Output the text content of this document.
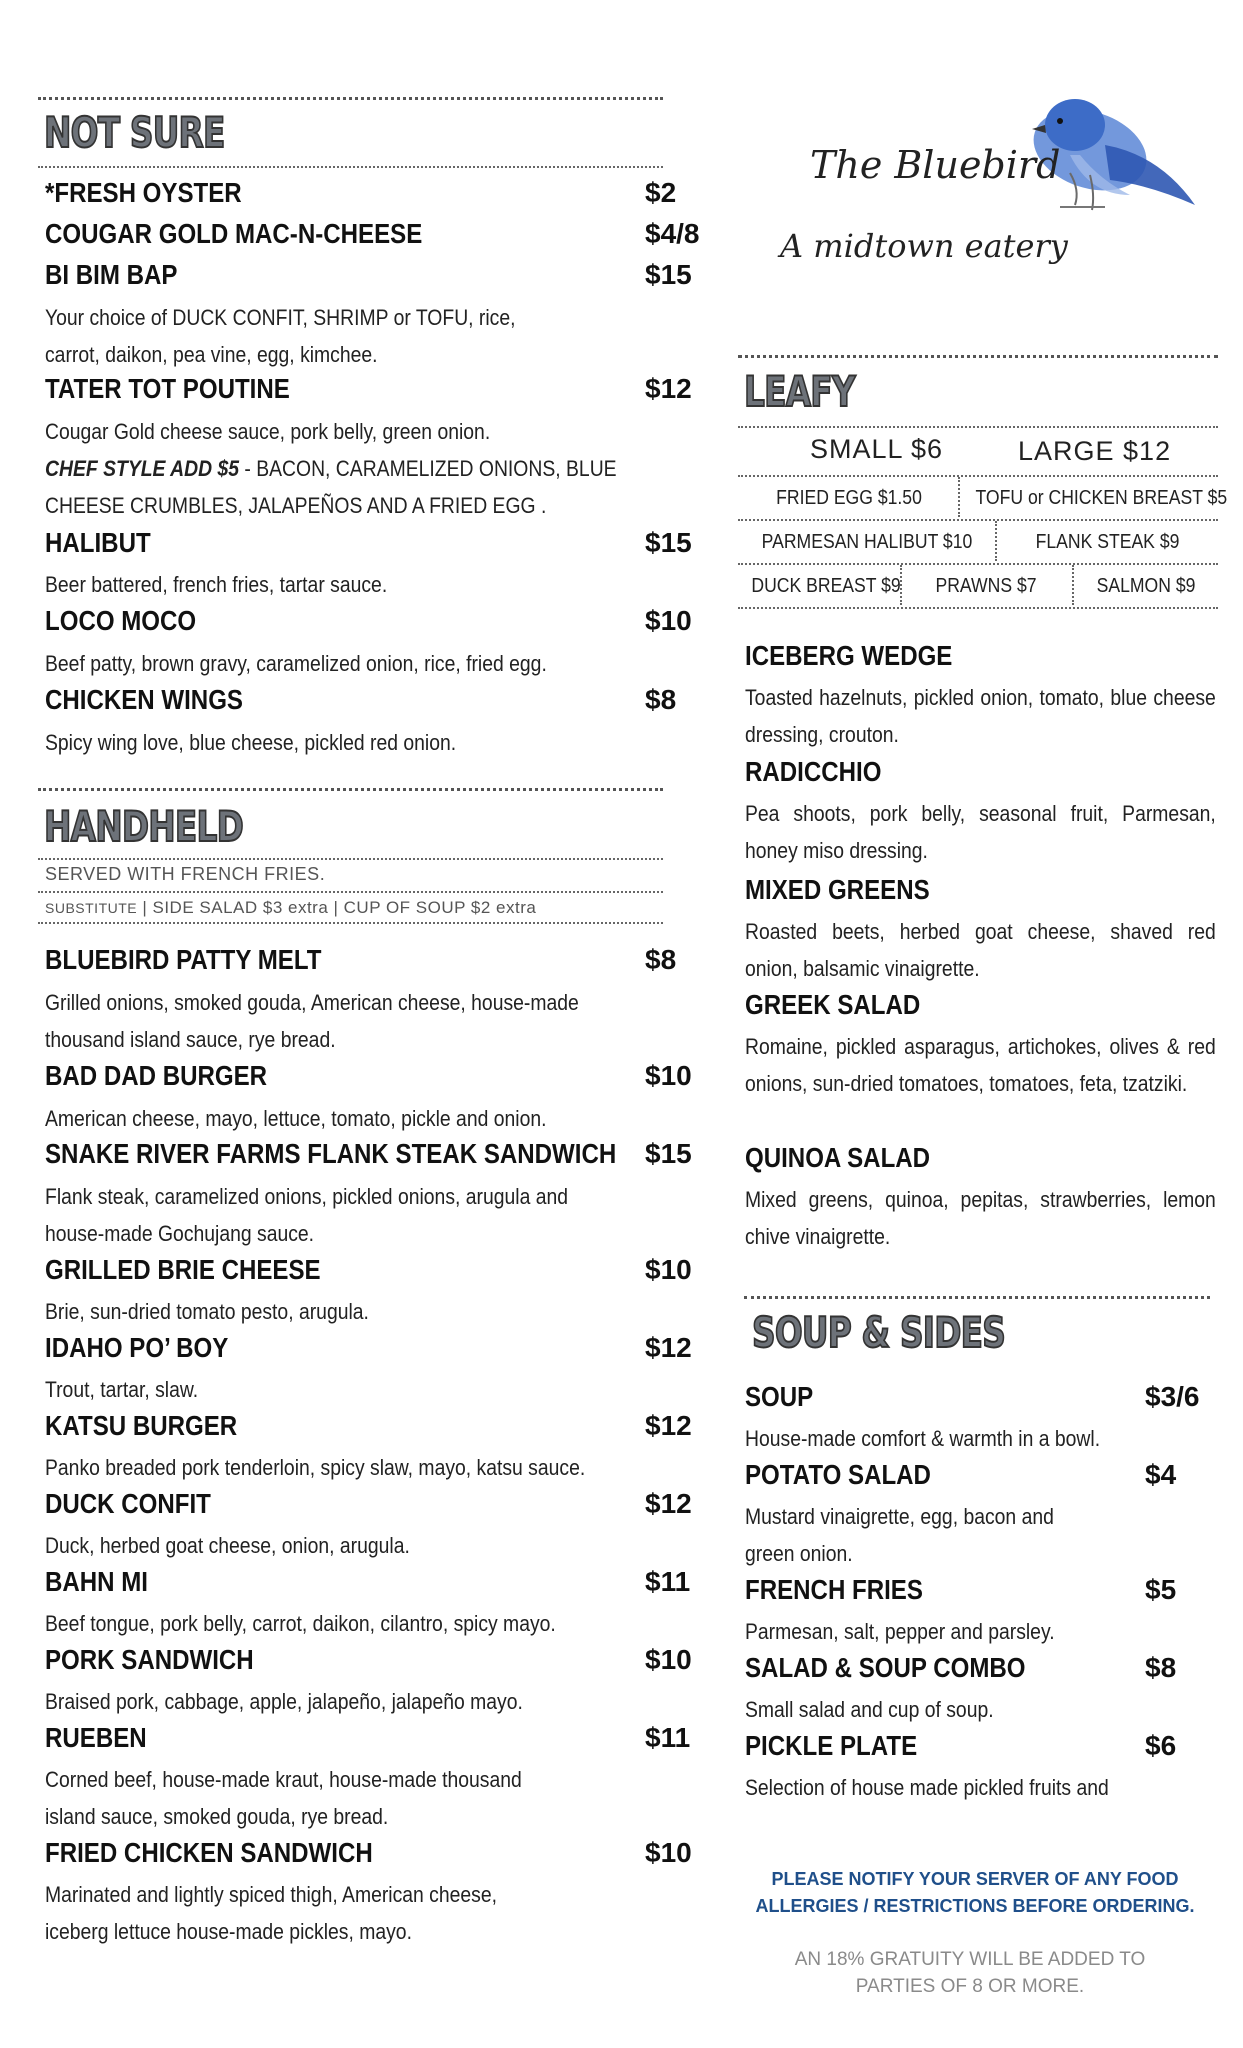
NOT SURE
*FRESH OYSTER	$2
COUGAR GOLD MAC-N-CHEESE	$4/8
BI BIM BAP	$15
Your choice of DUCK CONFIT, SHRIMP or TOFU, rice, carrot, daikon, pea vine, egg, kimchee.
TATER TOT POUTINE	$12
Cougar Gold cheese sauce, pork belly, green onion.
CHEF STYLE ADD $5 - BACON, CARAMELIZED ONIONS, BLUE CHEESE CRUMBLES, JALAPEÑOS AND A FRIED EGG .
HALIBUT	$15
Beer battered, french fries, tartar sauce.
LOCO MOCO	$10
Beef patty, brown gravy, caramelized onion, rice, fried egg.
CHICKEN WINGS	$8
Spicy wing love, blue cheese, pickled red onion.
HANDHELD
SERVED WITH FRENCH FRIES.
SUBSTITUTE | SIDE SALAD $3 extra | CUP OF SOUP $2 extra
BLUEBIRD PATTY MELT	$8
Grilled onions, smoked gouda, American cheese, house-made thousand island sauce, rye bread.
BAD DAD BURGER	$10
American cheese, mayo, lettuce, tomato, pickle and onion.
SNAKE RIVER FARMS FLANK STEAK SANDWICH $15
Flank steak, caramelized onions, pickled onions, arugula and house-made Gochujang sauce.
GRILLED BRIE CHEESE	$10
Brie, sun-dried tomato pesto, arugula.
IDAHO PO’ BOY	$12
Trout, tartar, slaw.
KATSU BURGER	$12
Panko breaded pork tenderloin, spicy slaw, mayo, katsu sauce.
DUCK CONFIT	$12
Duck, herbed goat cheese, onion, arugula.
BAHN MI	$11
Beef tongue, pork belly, carrot, daikon, cilantro, spicy mayo.
PORK SANDWICH	$10
Braised pork, cabbage, apple, jalapeño, jalapeño mayo.
RUEBEN	$11
Corned beef, house-made kraut, house-made thousand island sauce, smoked gouda, rye bread.
FRIED CHICKEN SANDWICH	$10
Marinated and lightly spiced thigh, American cheese, iceberg lettuce house-made pickles, mayo.
The Bluebird
A midtown eatery
LEAFY
SMALL $6	LARGE $12
FRIED EGG $1.50	TOFU or CHICKEN BREAST $5
PARMESAN HALIBUT $10	FLANK STEAK $9
DUCK BREAST $9	PRAWNS $7	SALMON $9
ICEBERG WEDGE
Toasted hazelnuts, pickled onion, tomato, blue cheese dressing, crouton.
RADICCHIO
Pea shoots, pork belly, seasonal fruit, Parmesan, honey miso dressing.
MIXED GREENS
Roasted beets, herbed goat cheese, shaved red onion, balsamic vinaigrette.
GREEK SALAD
Romaine, pickled asparagus, artichokes, olives & red onions, sun-dried tomatoes, tomatoes, feta, tzatziki.
QUINOA SALAD
Mixed greens, quinoa, pepitas, strawberries, lemon chive vinaigrette.
SOUP & SIDES
SOUP	$3/6
House-made comfort & warmth in a bowl.
POTATO SALAD	$4
Mustard vinaigrette, egg, bacon and green onion.
FRENCH FRIES	$5
Parmesan, salt, pepper and parsley.
SALAD & SOUP COMBO	$8
Small salad and cup of soup.
PICKLE PLATE	$6
Selection of house made pickled fruits and
PLEASE NOTIFY YOUR SERVER OF ANY FOOD ALLERGIES / RESTRICTIONS BEFORE ORDERING.
AN 18% GRATUITY WILL BE ADDED TO PARTIES OF 8 OR MORE.
